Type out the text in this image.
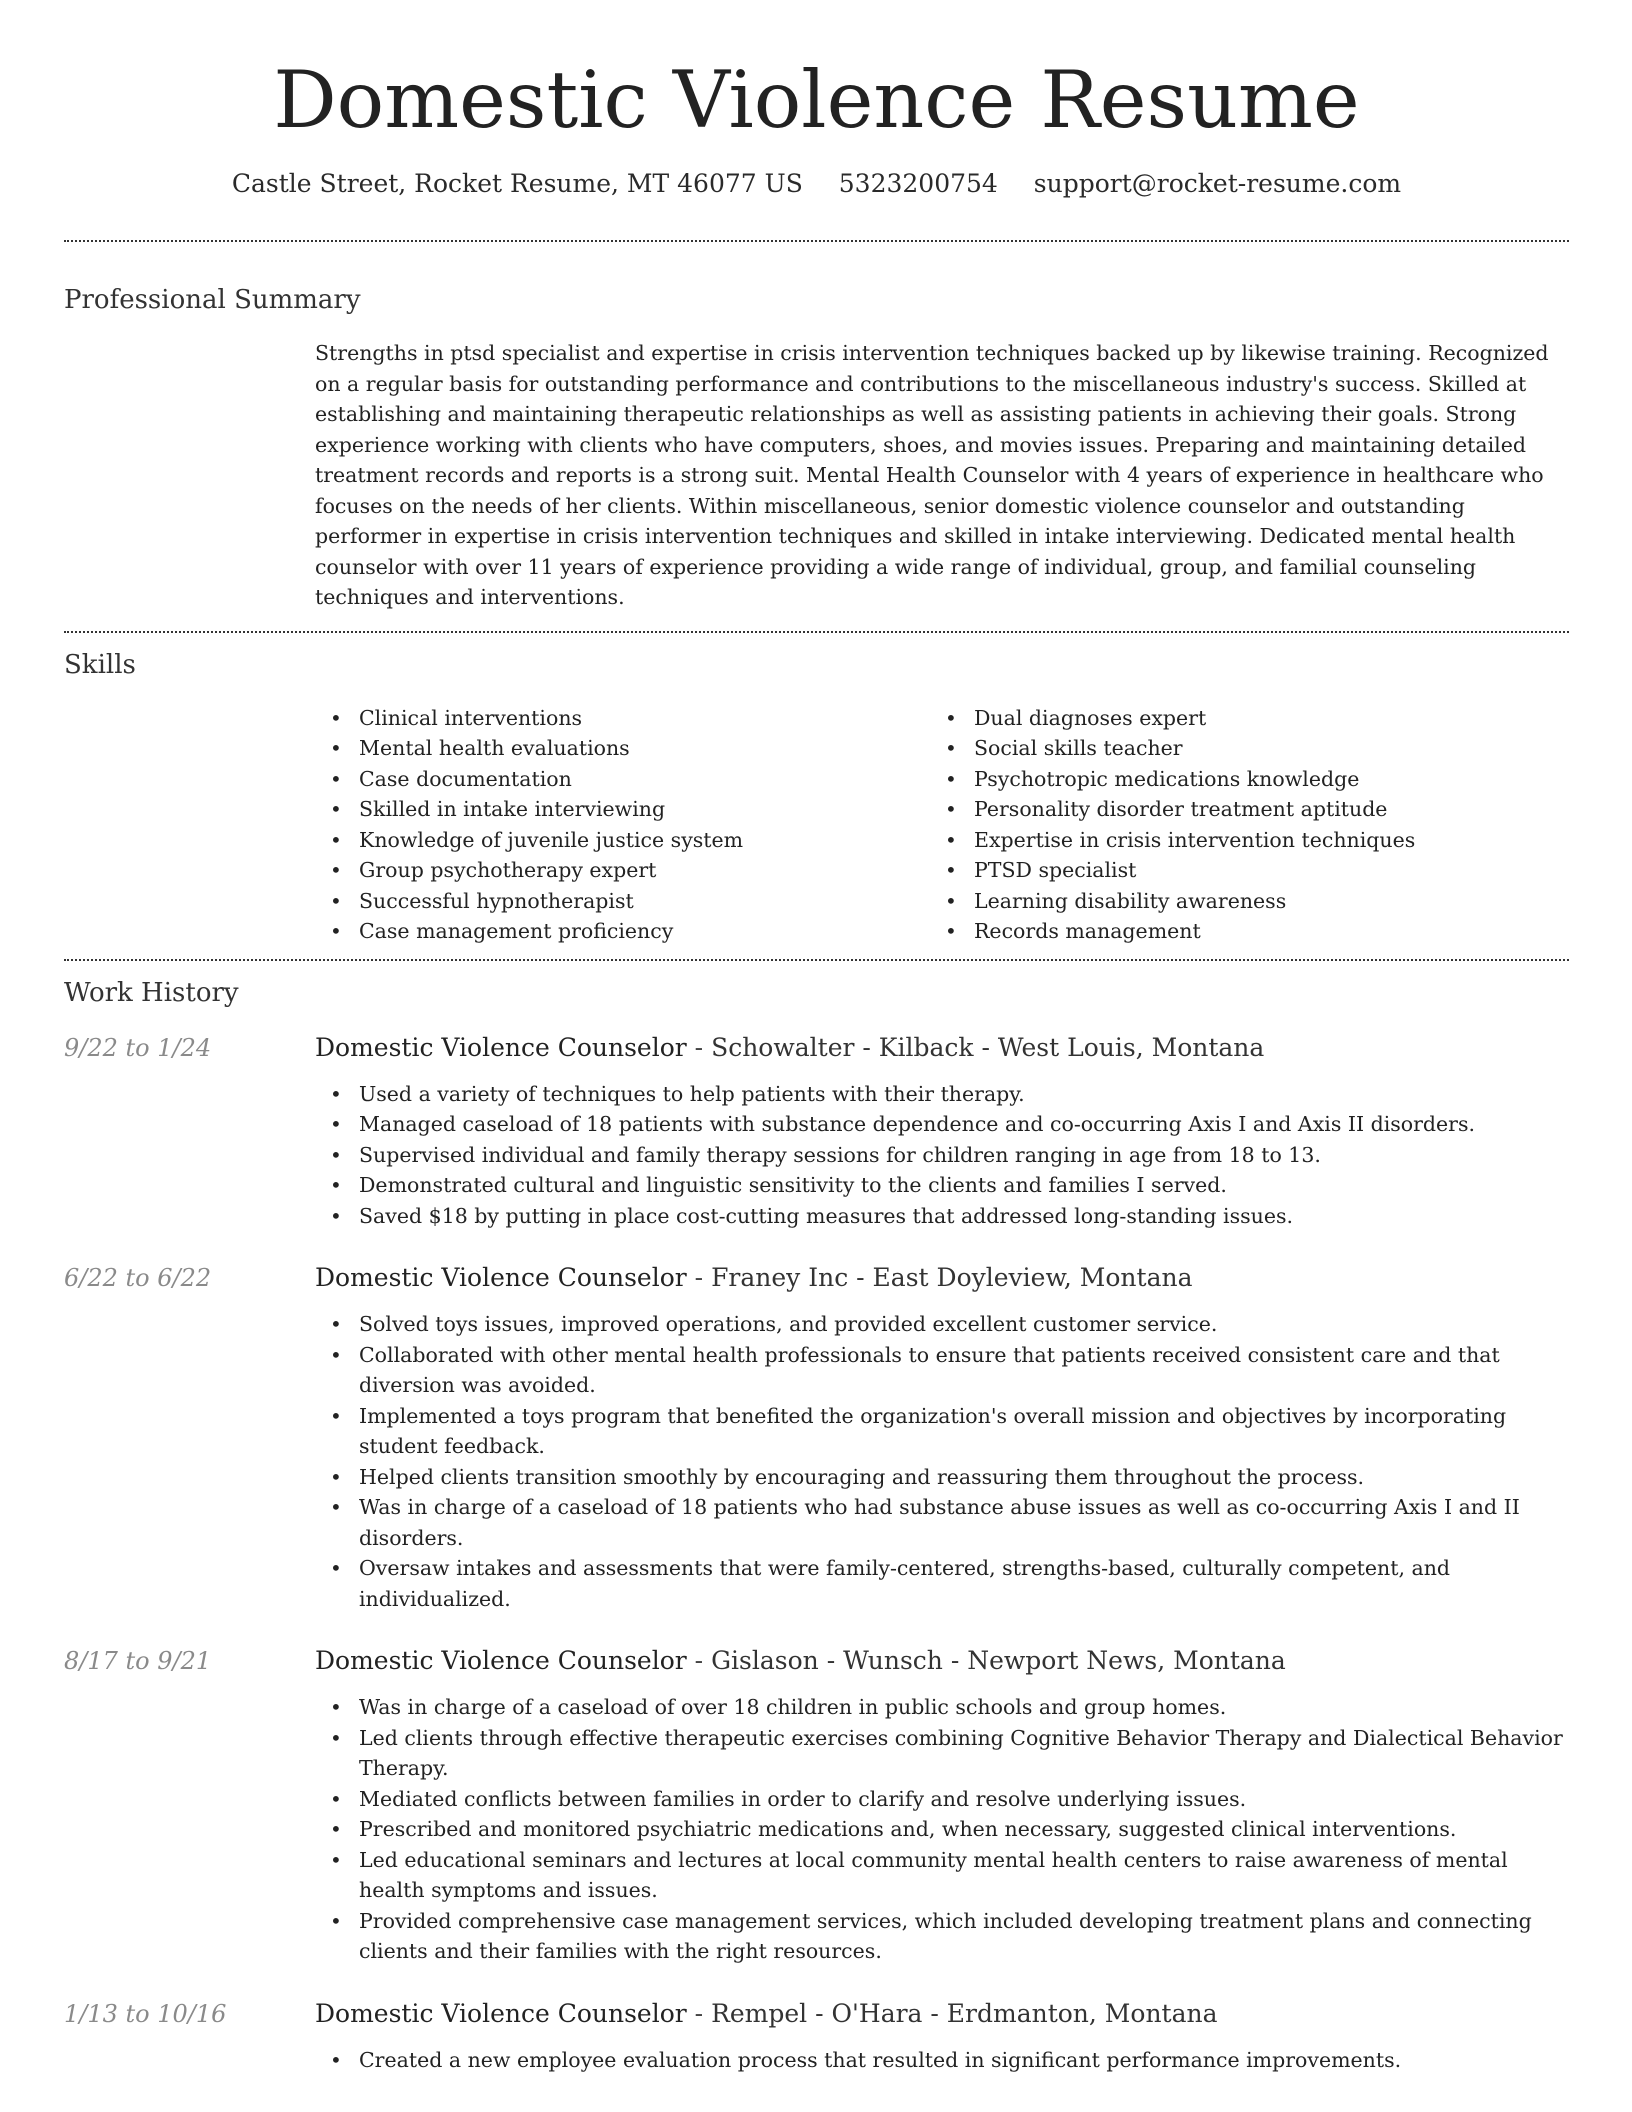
Domestic Violence Resume
Castle Street, Rocket Resume, MT 46077 US 5323200754 support@rocket-resume.com
Professional Summary
Strengths in ptsd specialist and expertise in crisis intervention techniques backed up by likewise training. Recognized on a regular basis for outstanding performance and contributions to the miscellaneous industry's success. Skilled at establishing and maintaining therapeutic relationships as well as assisting patients in achieving their goals. Strong experience working with clients who have computers, shoes, and movies issues. Preparing and maintaining detailed treatment records and reports is a strong suit. Mental Health Counselor with 4 years of experience in healthcare who focuses on the needs of her clients. Within miscellaneous, senior domestic violence counselor and outstanding performer in expertise in crisis intervention techniques and skilled in intake interviewing. Dedicated mental health counselor with over 11 years of experience providing a wide range of individual, group, and familial counseling techniques and interventions.
Skills
• Clinical interventions
• Mental health evaluations
• Case documentation
• Skilled in intake interviewing
• Knowledge of juvenile justice system
• Group psychotherapy expert
• Successful hypnotherapist
• Case management proficiency
• Dual diagnoses expert
• Social skills teacher
• Psychotropic medications knowledge
• Personality disorder treatment aptitude
• Expertise in crisis intervention techniques
• PTSD specialist
• Learning disability awareness
• Records management
Work History
9/22 to 1/24	Domestic Violence Counselor - Schowalter - Kilback - West Louis, Montana
• Used a variety of techniques to help patients with their therapy.
• Managed caseload of 18 patients with substance dependence and co-occurring Axis I and Axis II disorders.
• Supervised individual and family therapy sessions for children ranging in age from 18 to 13.
• Demonstrated cultural and linguistic sensitivity to the clients and families I served.
• Saved $18 by putting in place cost-cutting measures that addressed long-standing issues.
6/22 to 6/22	Domestic Violence Counselor - Franey Inc - East Doyleview, Montana
• Solved toys issues, improved operations, and provided excellent customer service.
• Collaborated with other mental health professionals to ensure that patients received consistent care and that diversion was avoided.
• Implemented a toys program that benefited the organization's overall mission and objectives by incorporating student feedback.
• Helped clients transition smoothly by encouraging and reassuring them throughout the process.
• Was in charge of a caseload of 18 patients who had substance abuse issues as well as co-occurring Axis I and II disorders.
• Oversaw intakes and assessments that were family-centered, strengths-based, culturally competent, and individualized.
8/17 to 9/21	Domestic Violence Counselor - Gislason - Wunsch - Newport News, Montana
• Was in charge of a caseload of over 18 children in public schools and group homes.
• Led clients through effective therapeutic exercises combining Cognitive Behavior Therapy and Dialectical Behavior Therapy.
• Mediated conflicts between families in order to clarify and resolve underlying issues.
• Prescribed and monitored psychiatric medications and, when necessary, suggested clinical interventions.
• Led educational seminars and lectures at local community mental health centers to raise awareness of mental health symptoms and issues.
• Provided comprehensive case management services, which included developing treatment plans and connecting clients and their families with the right resources.
1/13 to 10/16	Domestic Violence Counselor - Rempel - O'Hara - Erdmanton, Montana
• Created a new employee evaluation process that resulted in significant performance improvements.
